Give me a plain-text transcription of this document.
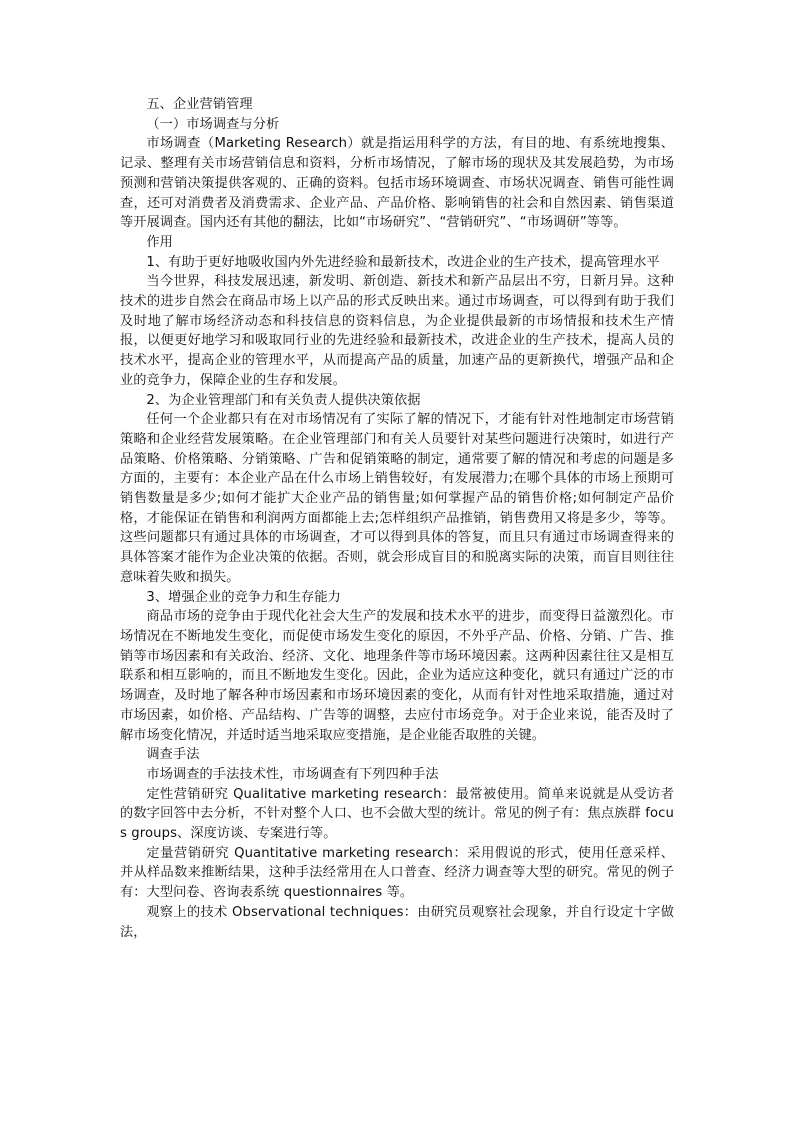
五、企业营销管理

（一）市场调查与分析

市场调查（Marketing Research）就是指运用科学的方法，有目的地、有系统地搜集、记录、整理有关市场营销信息和资料，分析市场情况，了解市场的现状及其发展趋势，为市场预测和营销决策提供客观的、正确的资料。包括市场环境调查、市场状况调查、销售可能性调查，还可对消费者及消费需求、企业产品、产品价格、影响销售的社会和自然因素、销售渠道等开展调查。国内还有其他的翻法，比如“市场研究”、“营销研究”、“市场调研”等等。

作用

1、有助于更好地吸收国内外先进经验和最新技术，改进企业的生产技术，提高管理水平

当今世界，科技发展迅速，新发明、新创造、新技术和新产品层出不穷，日新月异。这种技术的进步自然会在商品市场上以产品的形式反映出来。通过市场调查，可以得到有助于我们及时地了解市场经济动态和科技信息的资料信息，为企业提供最新的市场情报和技术生产情报，以便更好地学习和吸取同行业的先进经验和最新技术，改进企业的生产技术，提高人员的技术水平，提高企业的管理水平，从而提高产品的质量，加速产品的更新换代，增强产品和企业的竞争力，保障企业的生存和发展。

2、为企业管理部门和有关负责人提供决策依据

任何一个企业都只有在对市场情况有了实际了解的情况下，才能有针对性地制定市场营销策略和企业经营发展策略。在企业管理部门和有关人员要针对某些问题进行决策时，如进行产品策略、价格策略、分销策略、广告和促销策略的制定，通常要了解的情况和考虑的问题是多方面的，主要有：本企业产品在什么市场上销售较好，有发展潜力;在哪个具体的市场上预期可销售数量是多少;如何才能扩大企业产品的销售量;如何掌握产品的销售价格;如何制定产品价格，才能保证在销售和利润两方面都能上去;怎样组织产品推销，销售费用又将是多少，等等。这些问题都只有通过具体的市场调查，才可以得到具体的答复，而且只有通过市场调查得来的具体答案才能作为企业决策的依据。否则，就会形成盲目的和脱离实际的决策，而盲目则往往意味着失败和损失。

3、增强企业的竞争力和生存能力

商品市场的竞争由于现代化社会大生产的发展和技术水平的进步，而变得日益激烈化。市场情况在不断地发生变化，而促使市场发生变化的原因，不外乎产品、价格、分销、广告、推销等市场因素和有关政治、经济、文化、地理条件等市场环境因素。这两种因素往往又是相互联系和相互影响的，而且不断地发生变化。因此，企业为适应这种变化，就只有通过广泛的市场调查，及时地了解各种市场因素和市场环境因素的变化，从而有针对性地采取措施，通过对市场因素，如价格、产品结构、广告等的调整，去应付市场竞争。对于企业来说，能否及时了解市场变化情况，并适时适当地采取应变措施，是企业能否取胜的关键。

调查手法

市场调查的手法技术性，市场调查有下列四种手法

定性营销研究 Qualitative marketing research：最常被使用。简单来说就是从受访者的数字回答中去分析，不针对整个人口、也不会做大型的统计。常见的例子有：焦点族群 focus groups、深度访谈、专案进行等。

定量营销研究 Quantitative marketing research：采用假说的形式，使用任意采样、并从样品数来推断结果，这种手法经常用在人口普查、经济力调查等大型的研究。常见的例子有：大型问卷、咨询表系统 questionnaires 等。

观察上的技术 Observational techniques：由研究员观察社会现象，并自行设定十字做法，
